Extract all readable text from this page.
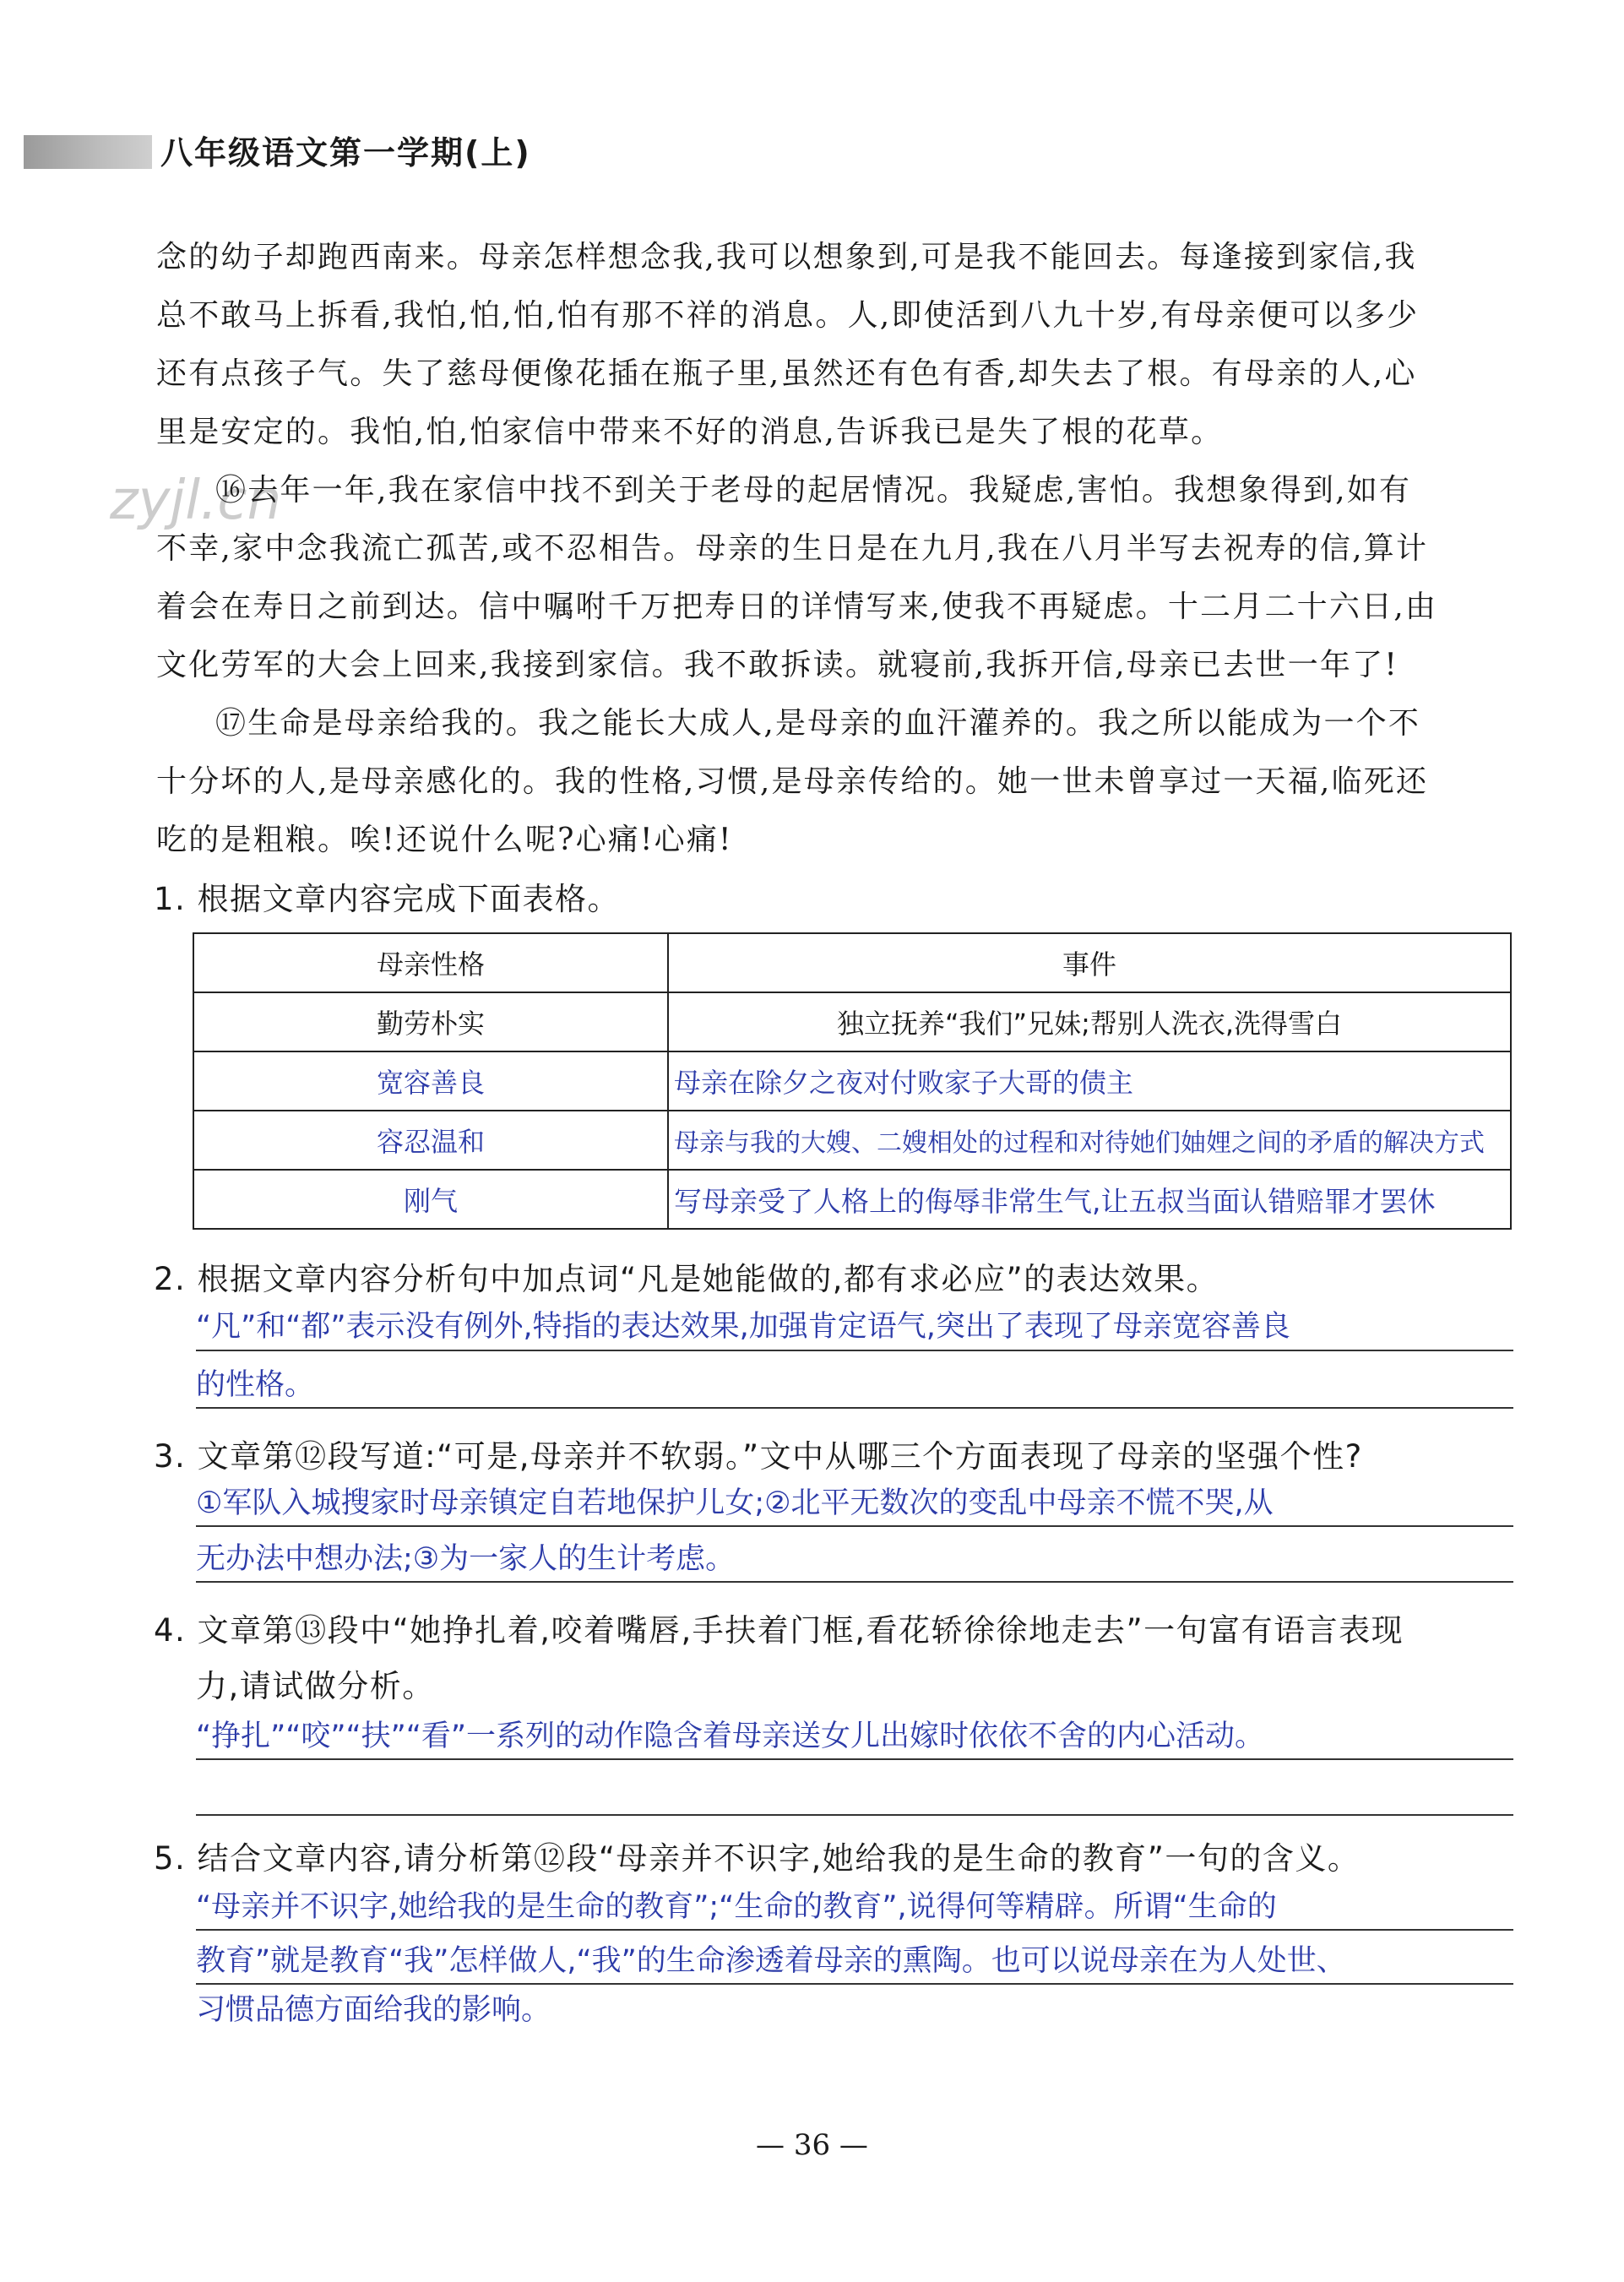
八年级语文第一学期(上)
zyjl.cn
念的幼子却跑西南来。母亲怎样想念我,我可以想象到,可是我不能回去。每逢接到家信,我
总不敢马上拆看,我怕,怕,怕,怕有那不祥的消息。人,即使活到八九十岁,有母亲便可以多少
还有点孩子气。失了慈母便像花插在瓶子里,虽然还有色有香,却失去了根。有母亲的人,心
里是安定的。我怕,怕,怕家信中带来不好的消息,告诉我已是失了根的花草。
⑯去年一年,我在家信中找不到关于老母的起居情况。我疑虑,害怕。我想象得到,如有
不幸,家中念我流亡孤苦,或不忍相告。母亲的生日是在九月,我在八月半写去祝寿的信,算计
着会在寿日之前到达。信中嘱咐千万把寿日的详情写来,使我不再疑虑。十二月二十六日,由
文化劳军的大会上回来,我接到家信。我不敢拆读。就寝前,我拆开信,母亲已去世一年了!
⑰生命是母亲给我的。我之能长大成人,是母亲的血汗灌养的。我之所以能成为一个不
十分坏的人,是母亲感化的。我的性格,习惯,是母亲传给的。她一世未曾享过一天福,临死还
吃的是粗粮。唉!还说什么呢?心痛!心痛!
1. 根据文章内容完成下面表格。
母亲性格	事件
勤劳朴实	独立抚养“我们”兄妹;帮别人洗衣,洗得雪白
宽容善良	母亲在除夕之夜对付败家子大哥的债主
容忍温和	母亲与我的大嫂、二嫂相处的过程和对待她们妯娌之间的矛盾的解决方式
刚气	写母亲受了人格上的侮辱非常生气,让五叔当面认错赔罪才罢休
2. 根据文章内容分析句中加点词“凡是她能做的,都有求必应”的表达效果。
“凡”和“都”表示没有例外,特指的表达效果,加强肯定语气,突出了表现了母亲宽容善良
的性格。
3. 文章第⑫段写道:“可是,母亲并不软弱。”文中从哪三个方面表现了母亲的坚强个性?
①军队入城搜家时母亲镇定自若地保护儿女;②北平无数次的变乱中母亲不慌不哭,从
无办法中想办法;③为一家人的生计考虑。
4. 文章第⑬段中“她挣扎着,咬着嘴唇,手扶着门框,看花轿徐徐地走去”一句富有语言表现
力,请试做分析。
“挣扎”“咬”“扶”“看”一系列的动作隐含着母亲送女儿出嫁时依依不舍的内心活动。
5. 结合文章内容,请分析第⑫段“母亲并不识字,她给我的是生命的教育”一句的含义。
“母亲并不识字,她给我的是生命的教育”;“生命的教育”,说得何等精辟。所谓“生命的
教育”就是教育“我”怎样做人,“我”的生命渗透着母亲的熏陶。也可以说母亲在为人处世、
习惯品德方面给我的影响。
— 36 —
